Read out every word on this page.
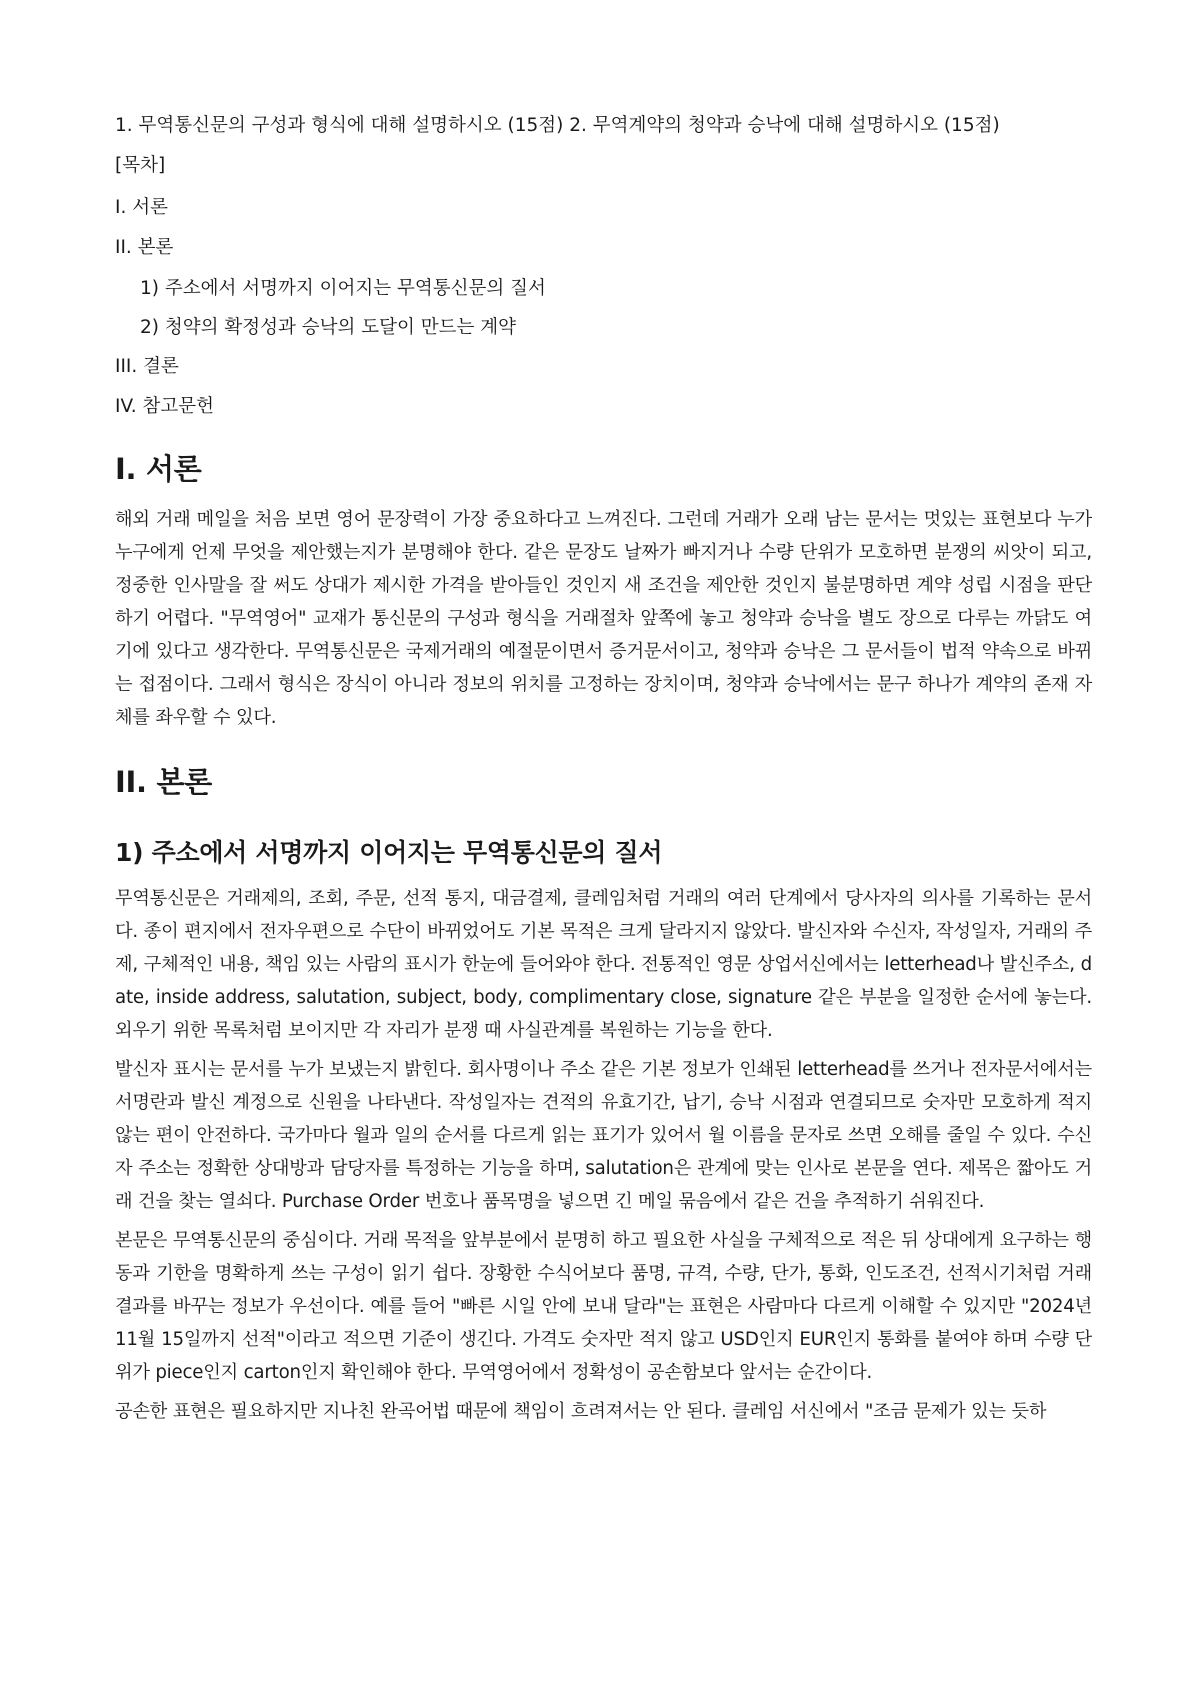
1. 무역통신문의 구성과 형식에 대해 설명하시오 (15점) 2. 무역계약의 청약과 승낙에 대해 설명하시오 (15점)

[목차]

I. 서론

II. 본론

1) 주소에서 서명까지 이어지는 무역통신문의 질서

2) 청약의 확정성과 승낙의 도달이 만드는 계약

III. 결론

IV. 참고문헌

I. 서론

해외 거래 메일을 처음 보면 영어 문장력이 가장 중요하다고 느껴진다. 그런데 거래가 오래 남는 문서는 멋있는 표현보다 누가 누구에게 언제 무엇을 제안했는지가 분명해야 한다. 같은 문장도 날짜가 빠지거나 수량 단위가 모호하면 분쟁의 씨앗이 되고, 정중한 인사말을 잘 써도 상대가 제시한 가격을 받아들인 것인지 새 조건을 제안한 것인지 불분명하면 계약 성립 시점을 판단하기 어렵다. "무역영어" 교재가 통신문의 구성과 형식을 거래절차 앞쪽에 놓고 청약과 승낙을 별도 장으로 다루는 까닭도 여기에 있다고 생각한다. 무역통신문은 국제거래의 예절문이면서 증거문서이고, 청약과 승낙은 그 문서들이 법적 약속으로 바뀌는 접점이다. 그래서 형식은 장식이 아니라 정보의 위치를 고정하는 장치이며, 청약과 승낙에서는 문구 하나가 계약의 존재 자체를 좌우할 수 있다.

II. 본론
1) 주소에서 서명까지 이어지는 무역통신문의 질서

무역통신문은 거래제의, 조회, 주문, 선적 통지, 대금결제, 클레임처럼 거래의 여러 단계에서 당사자의 의사를 기록하는 문서다. 종이 편지에서 전자우편으로 수단이 바뀌었어도 기본 목적은 크게 달라지지 않았다. 발신자와 수신자, 작성일자, 거래의 주제, 구체적인 내용, 책임 있는 사람의 표시가 한눈에 들어와야 한다. 전통적인 영문 상업서신에서는 letterhead나 발신주소, date, inside address, salutation, subject, body, complimentary close, signature 같은 부분을 일정한 순서에 놓는다. 외우기 위한 목록처럼 보이지만 각 자리가 분쟁 때 사실관계를 복원하는 기능을 한다.

발신자 표시는 문서를 누가 보냈는지 밝힌다. 회사명이나 주소 같은 기본 정보가 인쇄된 letterhead를 쓰거나 전자문서에서는 서명란과 발신 계정으로 신원을 나타낸다. 작성일자는 견적의 유효기간, 납기, 승낙 시점과 연결되므로 숫자만 모호하게 적지 않는 편이 안전하다. 국가마다 월과 일의 순서를 다르게 읽는 표기가 있어서 월 이름을 문자로 쓰면 오해를 줄일 수 있다. 수신자 주소는 정확한 상대방과 담당자를 특정하는 기능을 하며, salutation은 관계에 맞는 인사로 본문을 연다. 제목은 짧아도 거래 건을 찾는 열쇠다. Purchase Order 번호나 품목명을 넣으면 긴 메일 묶음에서 같은 건을 추적하기 쉬워진다.

본문은 무역통신문의 중심이다. 거래 목적을 앞부분에서 분명히 하고 필요한 사실을 구체적으로 적은 뒤 상대에게 요구하는 행동과 기한을 명확하게 쓰는 구성이 읽기 쉽다. 장황한 수식어보다 품명, 규격, 수량, 단가, 통화, 인도조건, 선적시기처럼 거래 결과를 바꾸는 정보가 우선이다. 예를 들어 "빠른 시일 안에 보내 달라"는 표현은 사람마다 다르게 이해할 수 있지만 "2024년 11월 15일까지 선적"이라고 적으면 기준이 생긴다. 가격도 숫자만 적지 않고 USD인지 EUR인지 통화를 붙여야 하며 수량 단위가 piece인지 carton인지 확인해야 한다. 무역영어에서 정확성이 공손함보다 앞서는 순간이다.

공손한 표현은 필요하지만 지나친 완곡어법 때문에 책임이 흐려져서는 안 된다. 클레임 서신에서 "조금 문제가 있는 듯하
